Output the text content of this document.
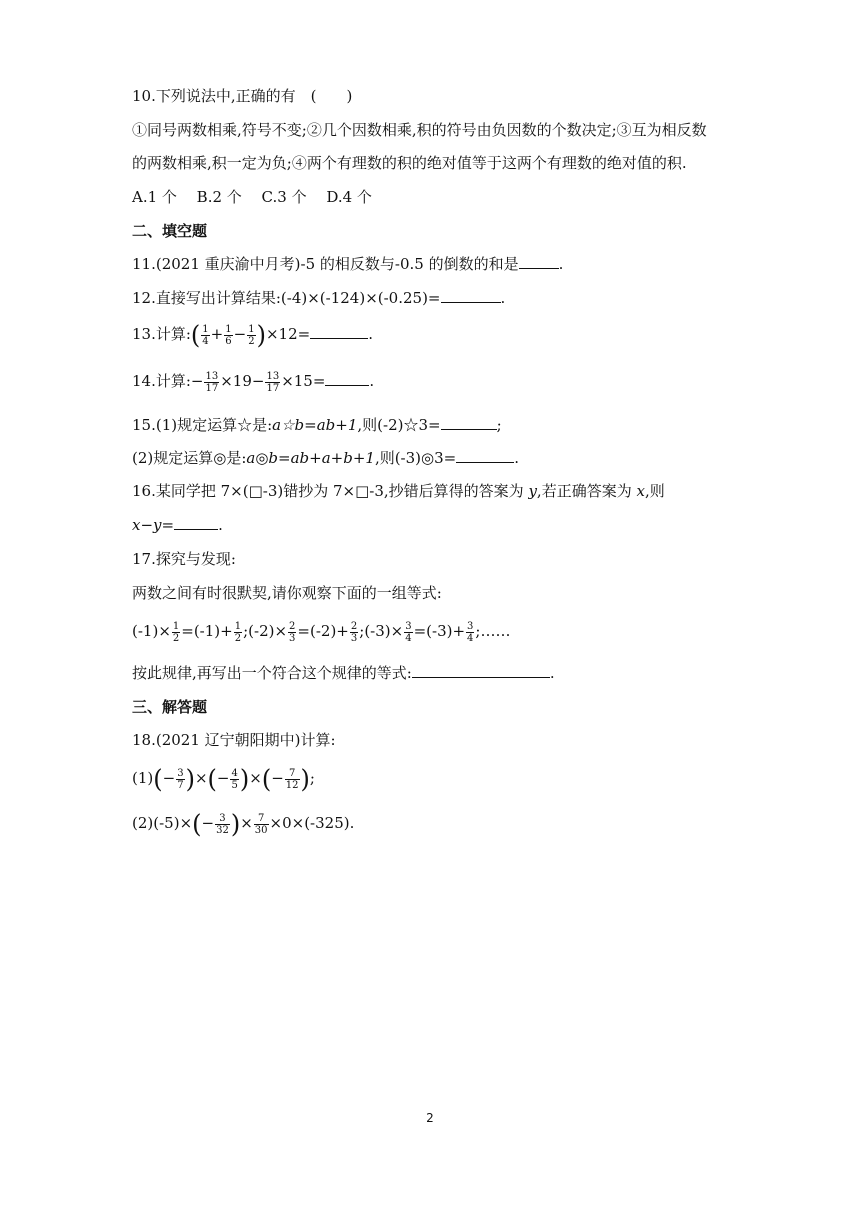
10.下列说法中,正确的有　(　　)
①同号两数相乘,符号不变;②几个因数相乘,积的符号由负因数的个数决定;③互为相反数
的两数相乘,积一定为负;④两个有理数的积的绝对值等于这两个有理数的绝对值的积.
A.1 个　 B.2 个　 C.3 个　 D.4 个
二、填空题
11.(2021 重庆渝中月考)-5 的相反数与-0.5 的倒数的和是	.
12.直接写出计算结果:(-4)×(-124)×(-0.25)=	.
13.计算:( $\frac{1}{4} + \frac{1}{6} - \frac{1}{2} )\times 12=$	.
14.计算:− $\frac{13}{17} \times 19- \frac{13}{17} \times 15=$	.
15.(1)规定运算☆是:a☆b=ab+1,则(-2)☆3=	;
(2)规定运算◎是:a◎b=ab+a+b+1,则(-3)◎3=	.
16.某同学把 7×(□-3)错抄为 7×□-3,抄错后算得的答案为 y,若正确答案为 x,则
x−y=	.
17.探究与发现:
两数之间有时很默契,请你观察下面的一组等式:
$(-1)\times \frac{1}{2} =(-1)+ \frac{1}{2}$ ;(-2)× $\frac{2}{3} =(-2)+ \frac{2}{3}$ ;(-3)× $\frac{3}{4} =(-3)+ \frac{3}{4}$ ;……
按此规律,再写出一个符合这个规律的等式:	.
三、解答题
18.(2021 辽宁朝阳期中)计算:
$(1)(- \frac{3}{7}$ )×(− $\frac{4}{5}$ )×(− $\frac{7}{12}$ );
$(2)(-5)\times(- \frac{3}{32}$ )× $\frac{7}{30} \times 0\times(-325)$.
2
